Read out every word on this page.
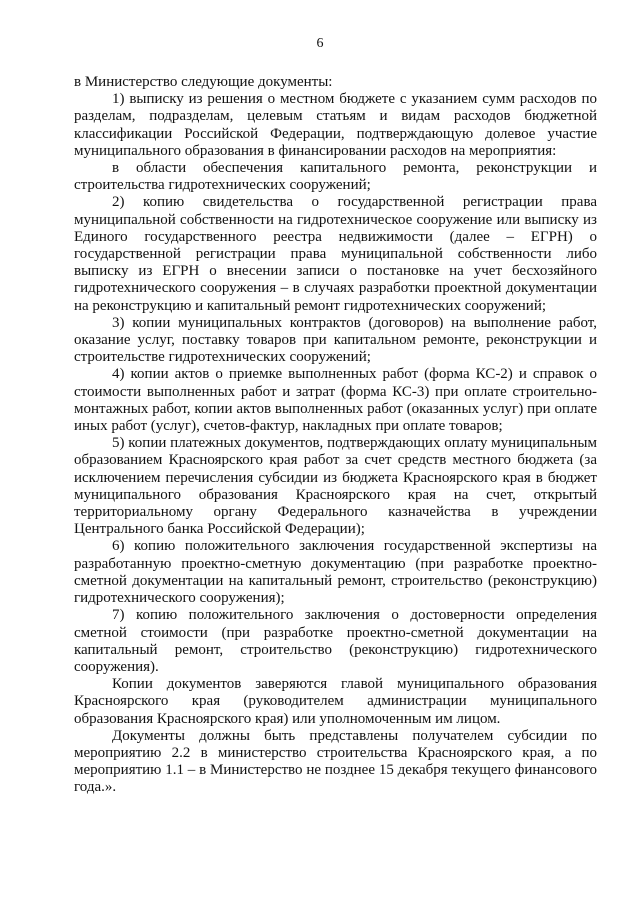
6

в Министерство следующие документы:

1) выписку из решения о местном бюджете с указанием сумм расходов по разделам, подразделам, целевым статьям и видам расходов бюджетной классификации Российской Федерации, подтверждающую долевое участие муниципального образования в финансировании расходов на мероприятия:

в области обеспечения капитального ремонта, реконструкции и строительства гидротехнических сооружений;

2) копию свидетельства о государственной регистрации права муниципальной собственности на гидротехническое сооружение или выписку из Единого государственного реестра недвижимости (далее – ЕГРН) о государственной регистрации права муниципальной собственности либо выписку из ЕГРН о внесении записи о постановке на учет бесхозяйного гидротехнического сооружения – в случаях разработки проектной документации на реконструкцию и капитальный ремонт гидротехнических сооружений;

3) копии муниципальных контрактов (договоров) на выполнение работ, оказание услуг, поставку товаров при капитальном ремонте, реконструкции и строительстве гидротехнических сооружений;

4) копии актов о приемке выполненных работ (форма КС-2) и справок о стоимости выполненных работ и затрат (форма КС-3) при оплате строительно-монтажных работ, копии актов выполненных работ (оказанных услуг) при оплате иных работ (услуг), счетов-фактур, накладных при оплате товаров;

5) копии платежных документов, подтверждающих оплату муниципальным образованием Красноярского края работ за счет средств местного бюджета (за исключением перечисления субсидии из бюджета Красноярского края в бюджет муниципального образования Красноярского края на счет, открытый территориальному органу Федерального казначейства в учреждении Центрального банка Российской Федерации);

6) копию положительного заключения государственной экспертизы на разработанную проектно-сметную документацию (при разработке проектно-сметной документации на капитальный ремонт, строительство (реконструкцию) гидротехнического сооружения);

7) копию положительного заключения о достоверности определения сметной стоимости (при разработке проектно-сметной документации на капитальный ремонт, строительство (реконструкцию) гидротехнического сооружения).

Копии документов заверяются главой муниципального образования Красноярского края (руководителем администрации муниципального образования Красноярского края) или уполномоченным им лицом.

Документы должны быть представлены получателем субсидии по мероприятию 2.2 в министерство строительства Красноярского края, а по мероприятию 1.1 – в Министерство не позднее 15 декабря текущего финансового года.».
